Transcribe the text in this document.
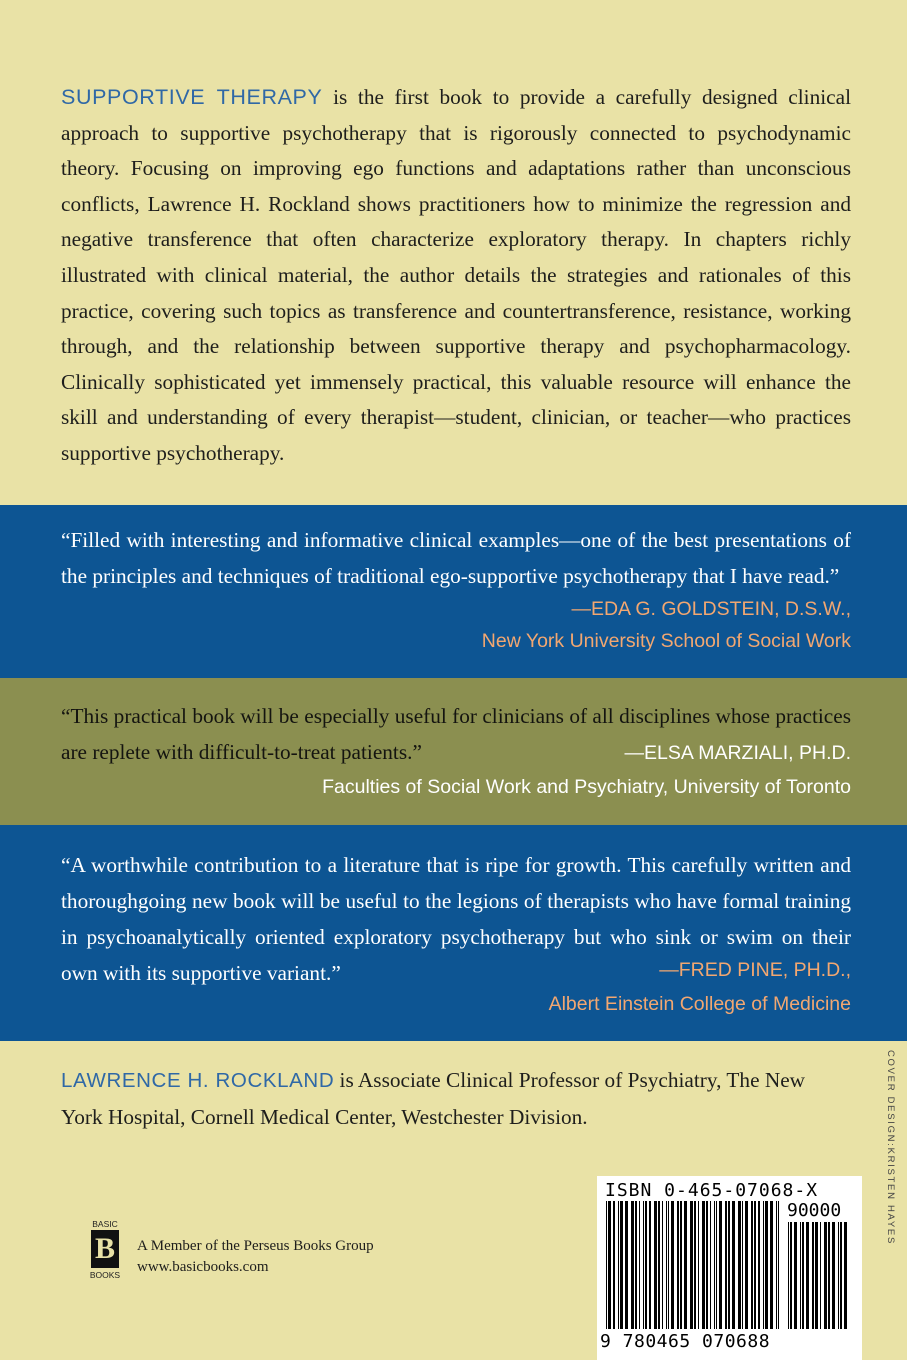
SUPPORTIVE THERAPY is the first book to provide a carefully designed clinical approach to supportive psychotherapy that is rigorously connected to psychodynamic theory. Focusing on improving ego functions and adaptations rather than unconscious conflicts, Lawrence H. Rockland shows practitioners how to minimize the regression and negative transference that often characterize exploratory therapy. In chapters richly illustrated with clinical material, the author details the strategies and rationales of this practice, covering such topics as transference and countertransference, resistance, working through, and the relationship between supportive therapy and psychopharmacology. Clinically sophisticated yet immensely practical, this valuable resource will enhance the skill and understanding of every therapist—student, clinician, or teacher—who practices supportive psychotherapy.

“Filled with interesting and informative clinical examples—one of the best presentations of the principles and techniques of traditional ego-supportive psychotherapy that I have read.”

—EDA G. GOLDSTEIN, D.S.W.,
New York University School of Social Work

“This practical book will be especially useful for clinicians of all disciplines whose practices are replete with difficult-to-treat patients.”	—ELSA MARZIALI, PH.D.
Faculties of Social Work and Psychiatry, University of Toronto

“A worthwhile contribution to a literature that is ripe for growth. This carefully written and thoroughgoing new book will be useful to the legions of therapists who have formal training in psychoanalytically oriented exploratory psychotherapy but who sink or swim on their own with its supportive variant.”	—FRED PINE, PH.D.,
Albert Einstein College of Medicine

LAWRENCE H. ROCKLAND is Associate Clinical Professor of Psychiatry, The New York Hospital, Cornell Medical Center, Westchester Division.	COVER DESIGN:KRISTEN HAYES
BASIC
B
BOOKS
A Member of the Perseus Books Group
www.basicbooks.com
ISBN 0-465-07068-X
90000
9 780465 070688
